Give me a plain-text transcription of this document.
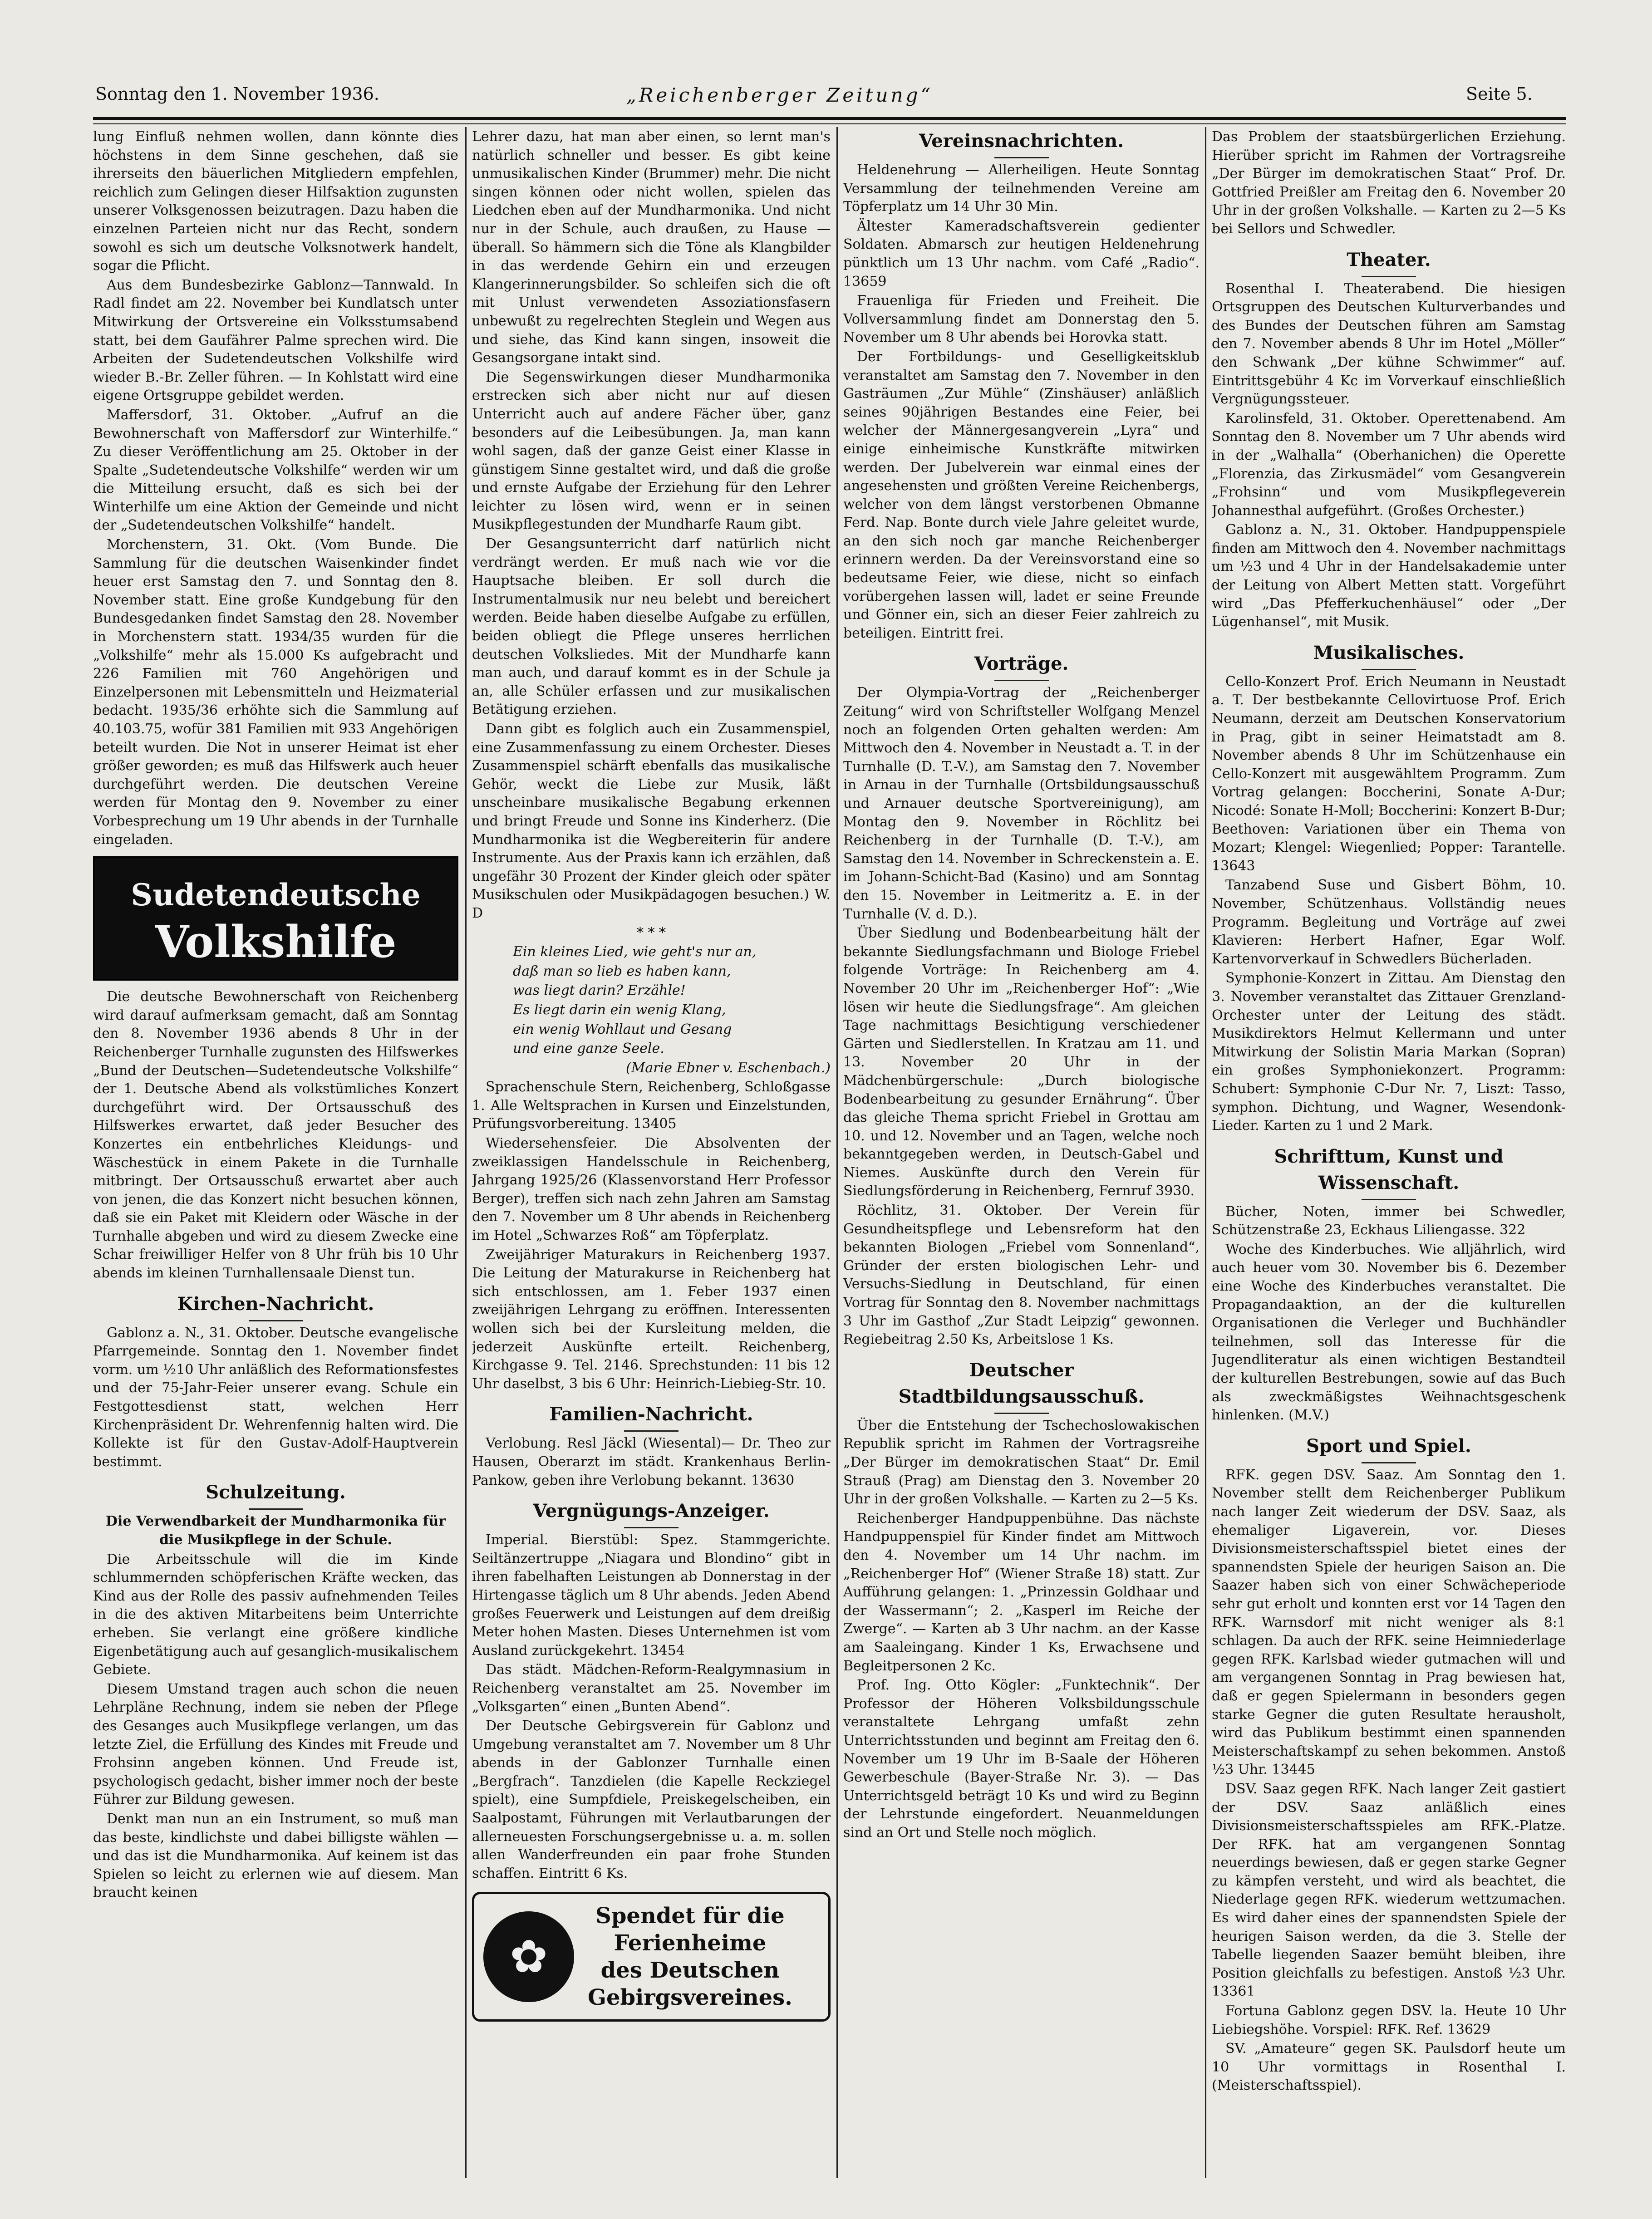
Sonntag den 1. November 1936.	„Reichenberger Zeitung“	Seite 5.

lung Einfluß nehmen wollen, dann könnte dies höchstens in dem Sinne geschehen, daß sie ihrerseits den bäuerlichen Mitgliedern empfehlen, reichlich zum Gelingen dieser Hilfsaktion zugunsten unserer Volksgenossen beizutragen. Dazu haben die einzelnen Parteien nicht nur das Recht, sondern sowohl es sich um deutsche Volksnotwerk handelt, sogar die Pflicht.

Aus dem Bundesbezirke Gablonz—Tannwald. In Radl findet am 22. November bei Kundlatsch unter Mitwirkung der Ortsvereine ein Volksstumsabend statt, bei dem Gaufährer Palme sprechen wird. Die Arbeiten der Sudetendeutschen Volkshilfe wird wieder B.-Br. Zeller führen. — In Kohlstatt wird eine eigene Ortsgruppe gebildet werden.

Maffersdorf, 31. Oktober. „Aufruf an die Bewohnerschaft von Maffersdorf zur Winterhilfe.“ Zu dieser Veröffentlichung am 25. Oktober in der Spalte „Sudetendeutsche Volkshilfe“ werden wir um die Mitteilung ersucht, daß es sich bei der Winterhilfe um eine Aktion der Gemeinde und nicht der „Sudetendeutschen Volkshilfe“ handelt.

Morchenstern, 31. Okt. (Vom Bunde. Die Sammlung für die deutschen Waisenkinder findet heuer erst Samstag den 7. und Sonntag den 8. November statt. Eine große Kundgebung für den Bundesgedanken findet Samstag den 28. November in Morchenstern statt. 1934/35 wurden für die „Volkshilfe“ mehr als 15.000 Ks aufgebracht und 226 Familien mit 760 Angehörigen und Einzelpersonen mit Lebensmitteln und Heizmaterial bedacht. 1935/36 erhöhte sich die Sammlung auf 40.103.75, wofür 381 Familien mit 933 Angehörigen beteilt wurden. Die Not in unserer Heimat ist eher größer geworden; es muß das Hilfswerk auch heuer durchgeführt werden. Die deutschen Vereine werden für Montag den 9. November zu einer Vorbesprechung um 19 Uhr abends in der Turnhalle eingeladen.

Sudetendeutsche
Volkshilfe

Die deutsche Bewohnerschaft von Reichenberg wird darauf aufmerksam gemacht, daß am Sonntag den 8. November 1936 abends 8 Uhr in der Reichenberger Turnhalle zugunsten des Hilfswerkes „Bund der Deutschen—Sudetendeutsche Volkshilfe“ der 1. Deutsche Abend als volkstümliches Konzert durchgeführt wird. Der Ortsausschuß des Hilfswerkes erwartet, daß jeder Besucher des Konzertes ein entbehrliches Kleidungs- und Wäschestück in einem Pakete in die Turnhalle mitbringt. Der Ortsausschuß erwartet aber auch von jenen, die das Konzert nicht besuchen können, daß sie ein Paket mit Kleidern oder Wäsche in der Turnhalle abgeben und wird zu diesem Zwecke eine Schar freiwilliger Helfer von 8 Uhr früh bis 10 Uhr abends im kleinen Turnhallensaale Dienst tun.

Kirchen-Nachricht.

Gablonz a. N., 31. Oktober. Deutsche evangelische Pfarrgemeinde. Sonntag den 1. November findet vorm. um ½10 Uhr anläßlich des Reformationsfestes und der 75-Jahr-Feier unserer evang. Schule ein Festgottesdienst statt, welchen Herr Kirchenpräsident Dr. Wehrenfennig halten wird. Die Kollekte ist für den Gustav-Adolf-Hauptverein bestimmt.

Schulzeitung.

Die Verwendbarkeit der Mundharmonika für die Musikpflege in der Schule.

Die Arbeitsschule will die im Kinde schlummernden schöpferischen Kräfte wecken, das Kind aus der Rolle des passiv aufnehmenden Teiles in die des aktiven Mitarbeitens beim Unterrichte erheben. Sie verlangt eine größere kindliche Eigenbetätigung auch auf gesanglich-musikalischem Gebiete.

Diesem Umstand tragen auch schon die neuen Lehrpläne Rechnung, indem sie neben der Pflege des Gesanges auch Musikpflege verlangen, um das letzte Ziel, die Erfüllung des Kindes mit Freude und Frohsinn angeben können. Und Freude ist, psychologisch gedacht, bisher immer noch der beste Führer zur Bildung gewesen.

Denkt man nun an ein Instrument, so muß man das beste, kindlichste und dabei billigste wählen — und das ist die Mundharmonika. Auf keinem ist das Spielen so leicht zu erlernen wie auf diesem. Man braucht keinen

Lehrer dazu, hat man aber einen, so lernt man's natürlich schneller und besser. Es gibt keine unmusikalischen Kinder (Brummer) mehr. Die nicht singen können oder nicht wollen, spielen das Liedchen eben auf der Mundharmonika. Und nicht nur in der Schule, auch draußen, zu Hause — überall. So hämmern sich die Töne als Klangbilder in das werdende Gehirn ein und erzeugen Klangerinnerungsbilder. So schleifen sich die oft mit Unlust verwendeten Assoziationsfasern unbewußt zu regelrechten Steglein und Wegen aus und siehe, das Kind kann singen, insoweit die Gesangsorgane intakt sind.

Die Segenswirkungen dieser Mundharmonika erstrecken sich aber nicht nur auf diesen Unterricht auch auf andere Fächer über, ganz besonders auf die Leibesübungen. Ja, man kann wohl sagen, daß der ganze Geist einer Klasse in günstigem Sinne gestaltet wird, und daß die große und ernste Aufgabe der Erziehung für den Lehrer leichter zu lösen wird, wenn er in seinen Musikpflegestunden der Mundharfe Raum gibt.

Der Gesangsunterricht darf natürlich nicht verdrängt werden. Er muß nach wie vor die Hauptsache bleiben. Er soll durch die Instrumentalmusik nur neu belebt und bereichert werden. Beide haben dieselbe Aufgabe zu erfüllen, beiden obliegt die Pflege unseres herrlichen deutschen Volksliedes. Mit der Mundharfe kann man auch, und darauf kommt es in der Schule ja an, alle Schüler erfassen und zur musikalischen Betätigung erziehen.

Dann gibt es folglich auch ein Zusammenspiel, eine Zusammenfassung zu einem Orchester. Dieses Zusammenspiel schärft ebenfalls das musikalische Gehör, weckt die Liebe zur Musik, läßt unscheinbare musikalische Begabung erkennen und bringt Freude und Sonne ins Kinderherz. (Die Mundharmonika ist die Wegbereiterin für andere Instrumente. Aus der Praxis kann ich erzählen, daß ungefähr 30 Prozent der Kinder gleich oder später Musikschulen oder Musikpädagogen besuchen.) W. D

* * *

Ein kleines Lied, wie geht's nur an,

daß man so lieb es haben kann,

was liegt darin? Erzähle!

Es liegt darin ein wenig Klang,

ein wenig Wohllaut und Gesang

und eine ganze Seele.

(Marie Ebner v. Eschenbach.)

Sprachenschule Stern, Reichenberg, Schloßgasse 1. Alle Weltsprachen in Kursen und Einzelstunden, Prüfungsvorbereitung. 13405

Wiedersehensfeier. Die Absolventen der zweiklassigen Handelsschule in Reichenberg, Jahrgang 1925/26 (Klassenvorstand Herr Professor Berger), treffen sich nach zehn Jahren am Samstag den 7. November um 8 Uhr abends in Reichenberg im Hotel „Schwarzes Roß“ am Töpferplatz.

Zweijähriger Maturakurs in Reichenberg 1937. Die Leitung der Maturakurse in Reichenberg hat sich entschlossen, am 1. Feber 1937 einen zweijährigen Lehrgang zu eröffnen. Interessenten wollen sich bei der Kursleitung melden, die jederzeit Auskünfte erteilt. Reichenberg, Kirchgasse 9. Tel. 2146. Sprechstunden: 11 bis 12 Uhr daselbst, 3 bis 6 Uhr: Heinrich-Liebieg-Str. 10.

Familien-Nachricht.

Verlobung. Resl Jäckl (Wiesental)— Dr. Theo zur Hausen, Oberarzt im städt. Krankenhaus Berlin-Pankow, geben ihre Verlobung bekannt. 13630

Vergnügungs-Anzeiger.

Imperial. Bierstübl: Spez. Stammgerichte. Seiltänzertruppe „Niagara und Blondino“ gibt in ihren fabelhaften Leistungen ab Donnerstag in der Hirtengasse täglich um 8 Uhr abends. Jeden Abend großes Feuerwerk und Leistungen auf dem dreißig Meter hohen Masten. Dieses Unternehmen ist vom Ausland zurückgekehrt. 13454

Das städt. Mädchen-Reform-Realgymnasium in Reichenberg veranstaltet am 25. November im „Volksgarten“ einen „Bunten Abend“.

Der Deutsche Gebirgsverein für Gablonz und Umgebung veranstaltet am 7. November um 8 Uhr abends in der Gablonzer Turnhalle einen „Bergfrach“. Tanzdielen (die Kapelle Reckziegel spielt), eine Sumpfdiele, Preiskegelscheiben, ein Saalpostamt, Führungen mit Verlautbarungen der allerneuesten Forschungsergebnisse u. a. m. sollen allen Wanderfreunden ein paar frohe Stunden schaffen. Eintritt 6 Ks.

✿
Spendet für die
Ferienheime
des Deutschen
Gebirgsvereines.
Vereinsnachrichten.

Heldenehrung — Allerheiligen. Heute Sonntag Versammlung der teilnehmenden Vereine am Töpferplatz um 14 Uhr 30 Min.

Ältester Kameradschaftsverein gedienter Soldaten. Abmarsch zur heutigen Heldenehrung pünktlich um 13 Uhr nachm. vom Café „Radio“. 13659

Frauenliga für Frieden und Freiheit. Die Vollversammlung findet am Donnerstag den 5. November um 8 Uhr abends bei Horovka statt.

Der Fortbildungs- und Geselligkeitsklub veranstaltet am Samstag den 7. November in den Gasträumen „Zur Mühle“ (Zinshäuser) anläßlich seines 90jährigen Bestandes eine Feier, bei welcher der Männergesangverein „Lyra“ und einige einheimische Kunstkräfte mitwirken werden. Der Jubelverein war einmal eines der angesehensten und größten Vereine Reichenbergs, welcher von dem längst verstorbenen Obmanne Ferd. Nap. Bonte durch viele Jahre geleitet wurde, an den sich noch gar manche Reichenberger erinnern werden. Da der Vereinsvorstand eine so bedeutsame Feier, wie diese, nicht so einfach vorübergehen lassen will, ladet er seine Freunde und Gönner ein, sich an dieser Feier zahlreich zu beteiligen. Eintritt frei.

Vorträge.

Der Olympia-Vortrag der „Reichenberger Zeitung“ wird von Schriftsteller Wolfgang Menzel noch an folgenden Orten gehalten werden: Am Mittwoch den 4. November in Neustadt a. T. in der Turnhalle (D. T.-V.), am Samstag den 7. November in Arnau in der Turnhalle (Ortsbildungsausschuß und Arnauer deutsche Sportvereinigung), am Montag den 9. November in Röchlitz bei Reichenberg in der Turnhalle (D. T.-V.), am Samstag den 14. November in Schreckenstein a. E. im Johann-Schicht-Bad (Kasino) und am Sonntag den 15. November in Leitmeritz a. E. in der Turnhalle (V. d. D.).

Über Siedlung und Bodenbearbeitung hält der bekannte Siedlungsfachmann und Biologe Friebel folgende Vorträge: In Reichenberg am 4. November 20 Uhr im „Reichenberger Hof“: „Wie lösen wir heute die Siedlungsfrage“. Am gleichen Tage nachmittags Besichtigung verschiedener Gärten und Siedlerstellen. In Kratzau am 11. und 13. November 20 Uhr in der Mädchenbürgerschule: „Durch biologische Bodenbearbeitung zu gesunder Ernährung“. Über das gleiche Thema spricht Friebel in Grottau am 10. und 12. November und an Tagen, welche noch bekanntgegeben werden, in Deutsch-Gabel und Niemes. Auskünfte durch den Verein für Siedlungsförderung in Reichenberg, Fernruf 3930.

Röchlitz, 31. Oktober. Der Verein für Gesundheitspflege und Lebensreform hat den bekannten Biologen „Friebel vom Sonnenland“, Gründer der ersten biologischen Lehr- und Versuchs-Siedlung in Deutschland, für einen Vortrag für Sonntag den 8. November nachmittags 3 Uhr im Gasthof „Zur Stadt Leipzig“ gewonnen. Regiebeitrag 2.50 Ks, Arbeitslose 1 Ks.

Deutscher Stadtbildungsausschuß.

Über die Entstehung der Tschechoslowakischen Republik spricht im Rahmen der Vortragsreihe „Der Bürger im demokratischen Staat“ Dr. Emil Strauß (Prag) am Dienstag den 3. November 20 Uhr in der großen Volkshalle. — Karten zu 2—5 Ks.

Reichenberger Handpuppenbühne. Das nächste Handpuppenspiel für Kinder findet am Mittwoch den 4. November um 14 Uhr nachm. im „Reichenberger Hof“ (Wiener Straße 18) statt. Zur Aufführung gelangen: 1. „Prinzessin Goldhaar und der Wassermann“; 2. „Kasperl im Reiche der Zwerge“. — Karten ab 3 Uhr nachm. an der Kasse am Saaleingang. Kinder 1 Ks, Erwachsene und Begleitpersonen 2 Kc.

Prof. Ing. Otto Kögler: „Funktechnik“. Der Professor der Höheren Volksbildungsschule veranstaltete Lehrgang umfaßt zehn Unterrichtsstunden und beginnt am Freitag den 6. November um 19 Uhr im B-Saale der Höheren Gewerbeschule (Bayer-Straße Nr. 3). — Das Unterrichtsgeld beträgt 10 Ks und wird zu Beginn der Lehrstunde eingefordert. Neuanmeldungen sind an Ort und Stelle noch möglich.

Das Problem der staatsbürgerlichen Erziehung. Hierüber spricht im Rahmen der Vortragsreihe „Der Bürger im demokratischen Staat“ Prof. Dr. Gottfried Preißler am Freitag den 6. November 20 Uhr in der großen Volkshalle. — Karten zu 2—5 Ks bei Sellors und Schwedler.

Theater.

Rosenthal I. Theaterabend. Die hiesigen Ortsgruppen des Deutschen Kulturverbandes und des Bundes der Deutschen führen am Samstag den 7. November abends 8 Uhr im Hotel „Möller“ den Schwank „Der kühne Schwimmer“ auf. Eintrittsgebühr 4 Kc im Vorverkauf einschließlich Vergnügungssteuer.

Karolinsfeld, 31. Oktober. Operettenabend. Am Sonntag den 8. November um 7 Uhr abends wird in der „Walhalla“ (Oberhanichen) die Operette „Florenzia, das Zirkusmädel“ vom Gesangverein „Frohsinn“ und vom Musikpflegeverein Johannesthal aufgeführt. (Großes Orchester.)

Gablonz a. N., 31. Oktober. Handpuppenspiele finden am Mittwoch den 4. November nachmittags um ½3 und 4 Uhr in der Handelsakademie unter der Leitung von Albert Metten statt. Vorgeführt wird „Das Pfefferkuchenhäusel“ oder „Der Lügenhansel“, mit Musik.

Musikalisches.

Cello-Konzert Prof. Erich Neumann in Neustadt a. T. Der bestbekannte Cellovirtuose Prof. Erich Neumann, derzeit am Deutschen Konservatorium in Prag, gibt in seiner Heimatstadt am 8. November abends 8 Uhr im Schützenhause ein Cello-Konzert mit ausgewähltem Programm. Zum Vortrag gelangen: Boccherini, Sonate A-Dur; Nicodé: Sonate H-Moll; Boccherini: Konzert B-Dur; Beethoven: Variationen über ein Thema von Mozart; Klengel: Wiegenlied; Popper: Tarantelle. 13643

Tanzabend Suse und Gisbert Böhm, 10. November, Schützenhaus. Vollständig neues Programm. Begleitung und Vorträge auf zwei Klavieren: Herbert Hafner, Egar Wolf. Kartenvorverkauf in Schwedlers Bücherladen.

Symphonie-Konzert in Zittau. Am Dienstag den 3. November veranstaltet das Zittauer Grenzland-Orchester unter der Leitung des städt. Musikdirektors Helmut Kellermann und unter Mitwirkung der Solistin Maria Markan (Sopran) ein großes Symphoniekonzert. Programm: Schubert: Symphonie C-Dur Nr. 7, Liszt: Tasso, symphon. Dichtung, und Wagner, Wesendonk-Lieder. Karten zu 1 und 2 Mark.

Schrifttum, Kunst und Wissenschaft.

Bücher, Noten, immer bei Schwedler, Schützenstraße 23, Eckhaus Liliengasse. 322

Woche des Kinderbuches. Wie alljährlich, wird auch heuer vom 30. November bis 6. Dezember eine Woche des Kinderbuches veranstaltet. Die Propagandaaktion, an der die kulturellen Organisationen die Verleger und Buchhändler teilnehmen, soll das Interesse für die Jugendliteratur als einen wichtigen Bestandteil der kulturellen Bestrebungen, sowie auf das Buch als zweckmäßigstes Weihnachtsgeschenk hinlenken. (M.V.)

Sport und Spiel.

RFK. gegen DSV. Saaz. Am Sonntag den 1. November stellt dem Reichenberger Publikum nach langer Zeit wiederum der DSV. Saaz, als ehemaliger Ligaverein, vor. Dieses Divisionsmeisterschaftsspiel bietet eines der spannendsten Spiele der heurigen Saison an. Die Saazer haben sich von einer Schwächeperiode sehr gut erholt und konnten erst vor 14 Tagen den RFK. Warnsdorf mit nicht weniger als 8:1 schlagen. Da auch der RFK. seine Heimniederlage gegen RFK. Karlsbad wieder gutmachen will und am vergangenen Sonntag in Prag bewiesen hat, daß er gegen Spielermann in besonders gegen starke Gegner die guten Resultate herausholt, wird das Publikum bestimmt einen spannenden Meisterschaftskampf zu sehen bekommen. Anstoß ½3 Uhr. 13445

DSV. Saaz gegen RFK. Nach langer Zeit gastiert der DSV. Saaz anläßlich eines Divisionsmeisterschaftsspieles am RFK.-Platze. Der RFK. hat am vergangenen Sonntag neuerdings bewiesen, daß er gegen starke Gegner zu kämpfen versteht, und wird als beachtet, die Niederlage gegen RFK. wiederum wettzumachen. Es wird daher eines der spannendsten Spiele der heurigen Saison werden, da die 3. Stelle der Tabelle liegenden Saazer bemüht bleiben, ihre Position gleichfalls zu befestigen. Anstoß ½3 Uhr. 13361

Fortuna Gablonz gegen DSV. la. Heute 10 Uhr Liebiegshöhe. Vorspiel: RFK. Ref. 13629

SV. „Amateure“ gegen SK. Paulsdorf heute um 10 Uhr vormittags in Rosenthal I. (Meisterschaftsspiel).
